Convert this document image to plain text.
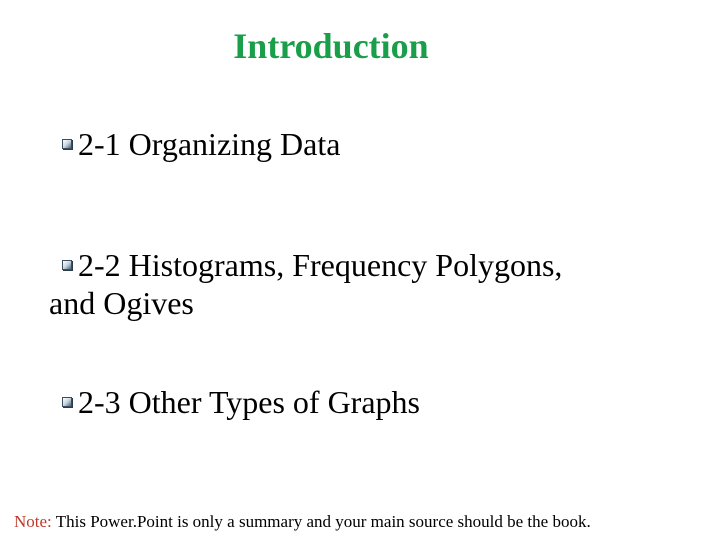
Introduction
2-1 Organizing Data
2-2 Histograms, Frequency Polygons,
and Ogives
2-3 Other Types of Graphs

Note: This Power.Point is only a summary and your main source should be the book.
